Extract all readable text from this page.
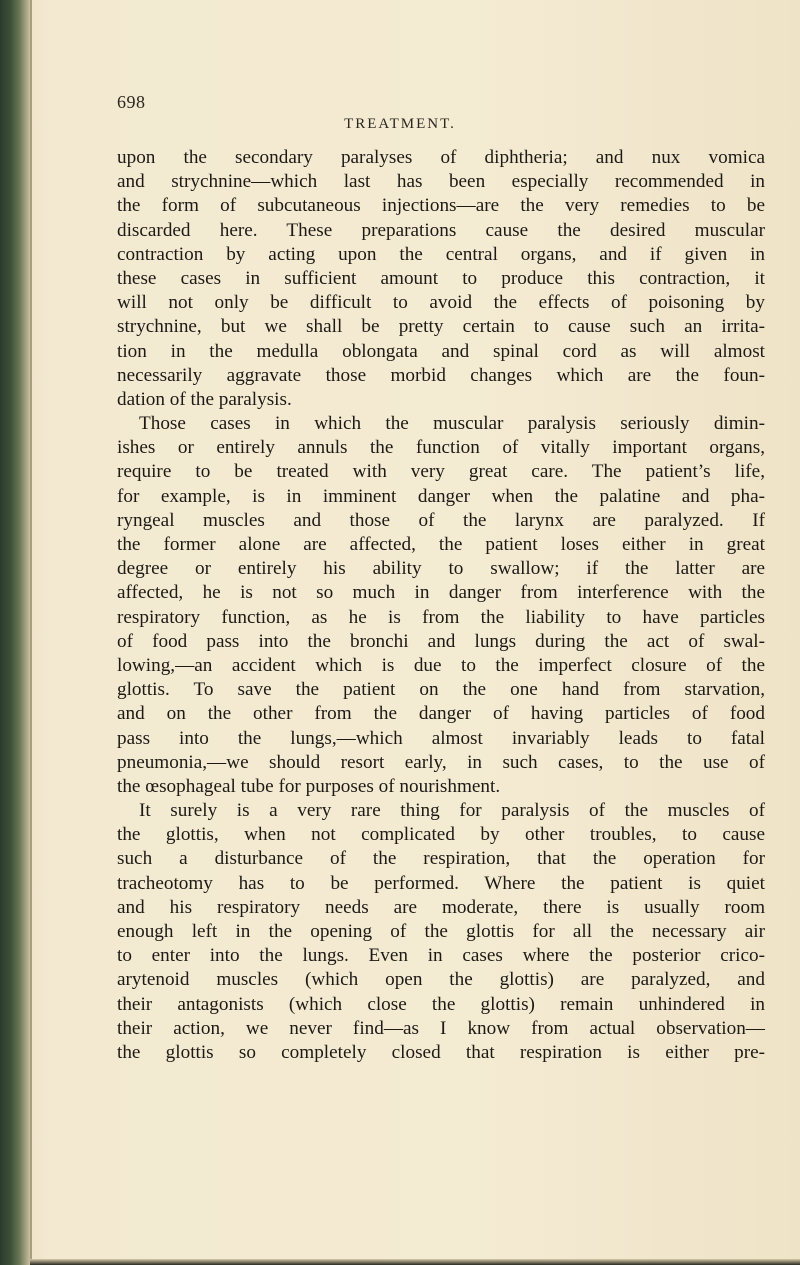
698
TREATMENT.
upon the secondary paralyses of diphtheria; and nux vomica
and strychnine—which last has been especially recommended in
the form of subcutaneous injections—are the very remedies to be
discarded here. These preparations cause the desired muscular
contraction by acting upon the central organs, and if given in
these cases in sufficient amount to produce this contraction, it
will not only be difficult to avoid the effects of poisoning by
strychnine, but we shall be pretty certain to cause such an irrita-
tion in the medulla oblongata and spinal cord as will almost
necessarily aggravate those morbid changes which are the foun-
dation of the paralysis.
Those cases in which the muscular paralysis seriously dimin-
ishes or entirely annuls the function of vitally important organs,
require to be treated with very great care. The patient’s life,
for example, is in imminent danger when the palatine and pha-
ryngeal muscles and those of the larynx are paralyzed. If
the former alone are affected, the patient loses either in great
degree or entirely his ability to swallow; if the latter are
affected, he is not so much in danger from interference with the
respiratory function, as he is from the liability to have particles
of food pass into the bronchi and lungs during the act of swal-
lowing,—an accident which is due to the imperfect closure of the
glottis. To save the patient on the one hand from starvation,
and on the other from the danger of having particles of food
pass into the lungs,—which almost invariably leads to fatal
pneumonia,—we should resort early, in such cases, to the use of
the œsophageal tube for purposes of nourishment.
It surely is a very rare thing for paralysis of the muscles of
the glottis, when not complicated by other troubles, to cause
such a disturbance of the respiration, that the operation for
tracheotomy has to be performed. Where the patient is quiet
and his respiratory needs are moderate, there is usually room
enough left in the opening of the glottis for all the necessary air
to enter into the lungs. Even in cases where the posterior crico-
arytenoid muscles (which open the glottis) are paralyzed, and
their antagonists (which close the glottis) remain unhindered in
their action, we never find—as I know from actual observation—
the glottis so completely closed that respiration is either pre-
